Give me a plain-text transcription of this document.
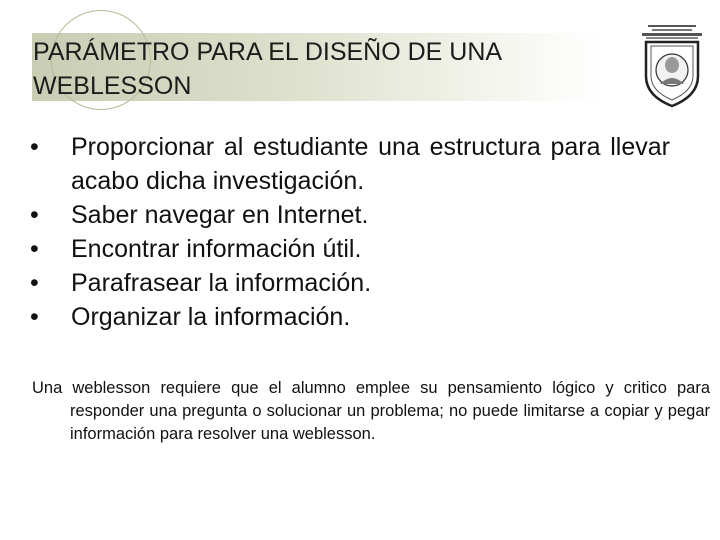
PARÁMETRO PARA EL DISEÑO DE UNA WEBLESSON
•	Proporcionar al estudiante una estructura para llevar acabo dicha investigación.
•	Saber navegar en Internet.
•	Encontrar información útil.
•	Parafrasear la información.
•	Organizar la información.

Una weblesson requiere que el alumno emplee su pensamiento lógico y critico para responder una pregunta o solucionar un problema; no puede limitarse a copiar y pegar información para resolver una weblesson.
